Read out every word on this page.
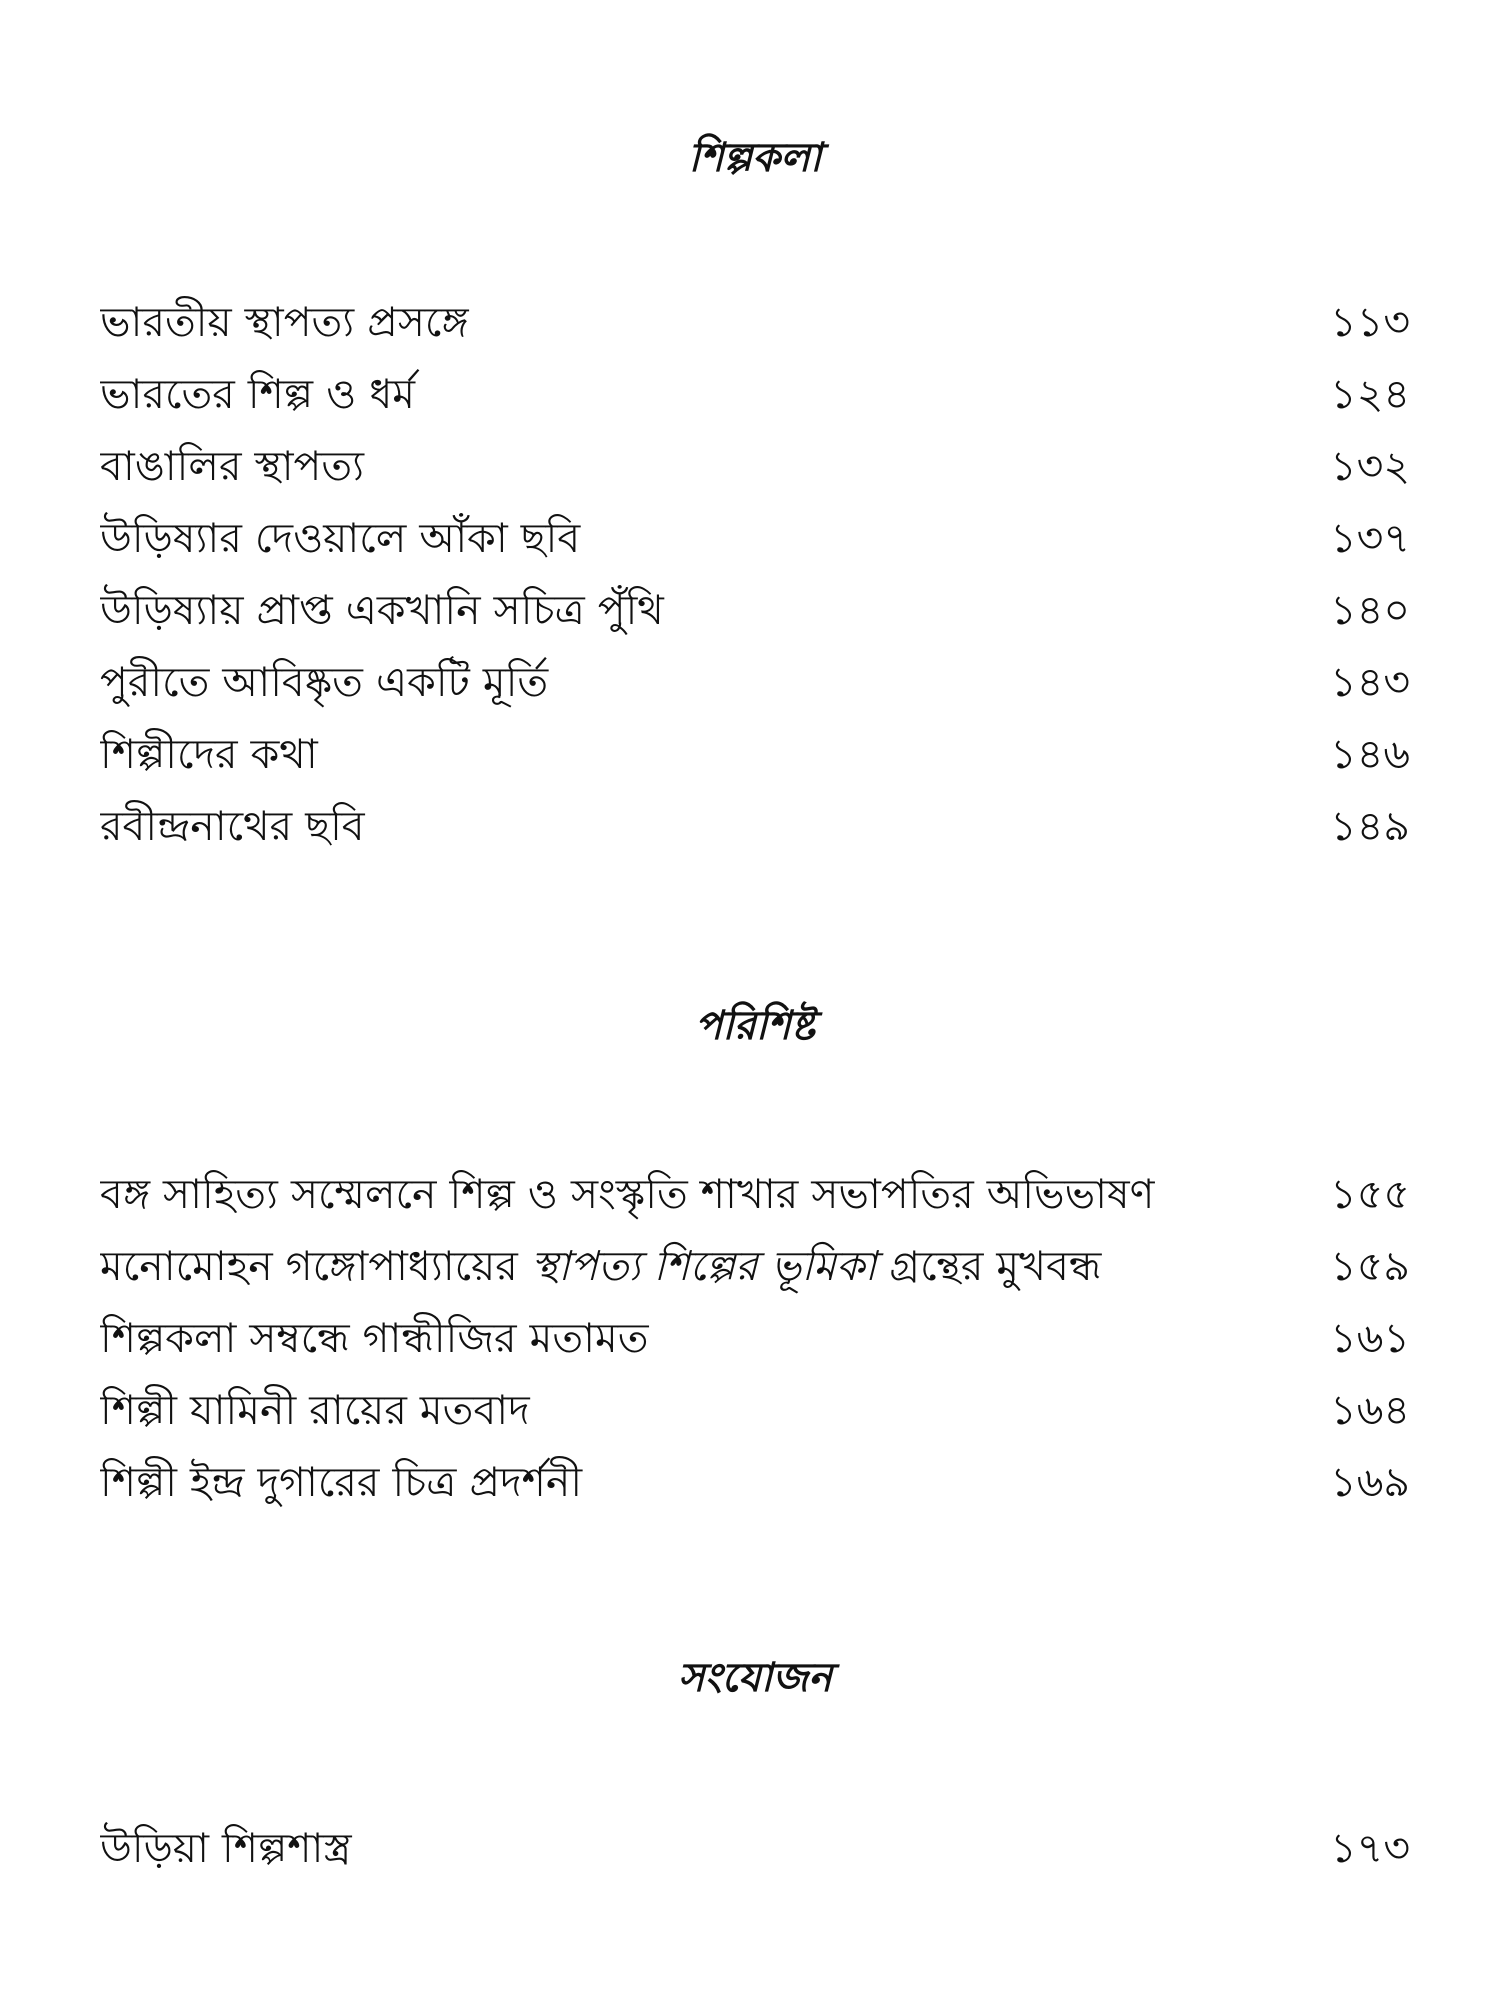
শিল্পকলা
ভারতীয় স্থাপত্য প্রসঙ্গে	১১৩
ভারতের শিল্প ও ধর্ম	১২৪
বাঙালির স্থাপত্য	১৩২
উড়িষ্যার দেওয়ালে আঁকা ছবি	১৩৭
উড়িষ্যায় প্রাপ্ত একখানি সচিত্র পুঁথি	১৪০
পুরীতে আবিষ্কৃত একটি মূর্তি	১৪৩
শিল্পীদের কথা	১৪৬
রবীন্দ্রনাথের ছবি	১৪৯
পরিশিষ্ট
বঙ্গ সাহিত্য সম্মেলনে শিল্প ও সংস্কৃতি শাখার সভাপতির অভিভাষণ	১৫৫
মনোমোহন গঙ্গোপাধ্যায়ের স্থাপত্য শিল্পের ভূমিকা গ্রন্থের মুখবন্ধ	১৫৯
শিল্পকলা সম্বন্ধে গান্ধীজির মতামত	১৬১
শিল্পী যামিনী রায়ের মতবাদ	১৬৪
শিল্পী ইন্দ্র দুগারের চিত্র প্রদর্শনী	১৬৯
সংযোজন
উড়িয়া শিল্পশাস্ত্র	১৭৩
